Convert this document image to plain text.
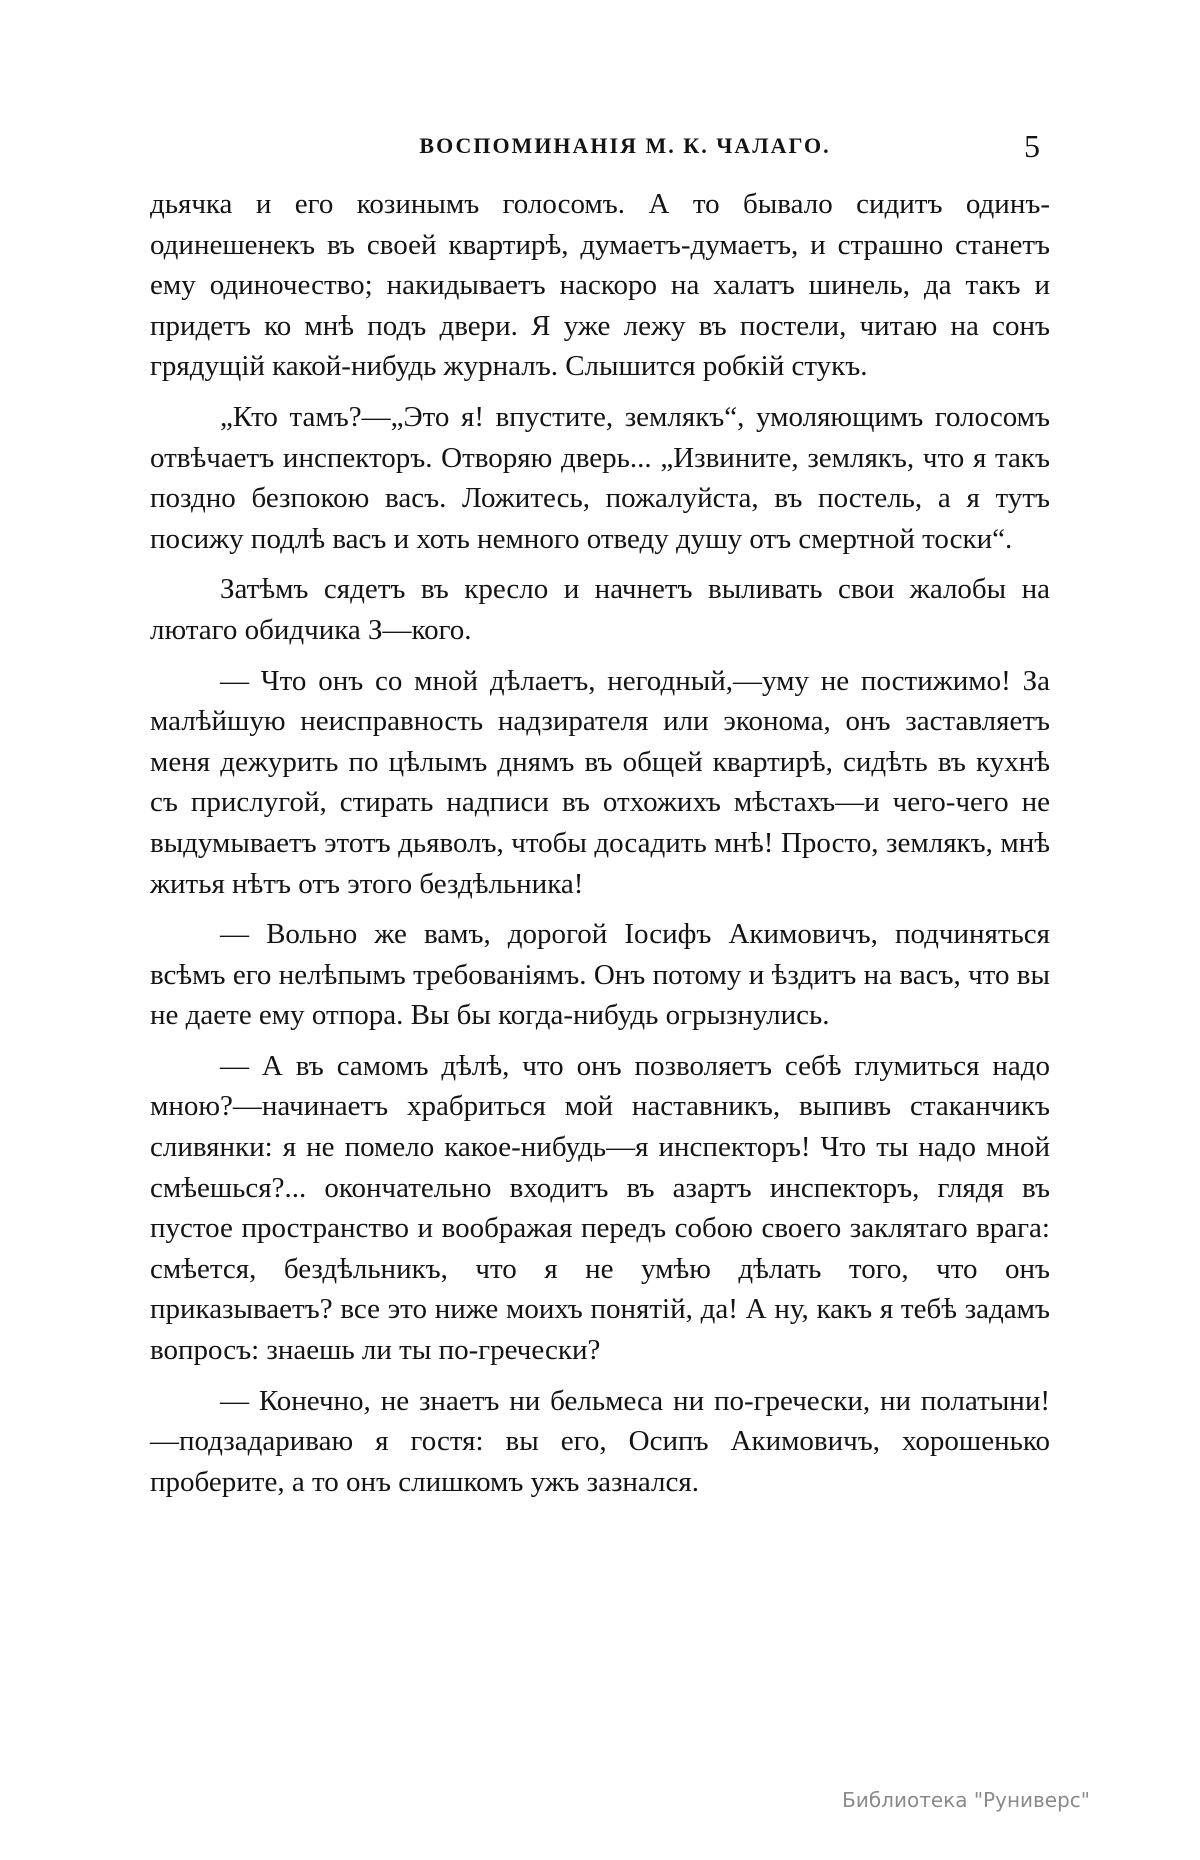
ВОСПОМИНАНІЯ М. К. ЧАЛАГО.	5

дьячка и его козинымъ голосомъ. А то бывало сидитъ одинъ-одинешенекъ въ своей квартирѣ, думаетъ-думаетъ, и страшно станетъ ему одиночество; накидываетъ наскоро на халатъ шинель, да такъ и придетъ ко мнѣ подъ двери. Я уже лежу въ постели, читаю на сонъ грядущій какой-нибудь журналъ. Слышится робкій стукъ.

„Кто тамъ?—„Это я! впустите, землякъ“, умоляющимъ голосомъ отвѣчаетъ инспекторъ. Отворяю дверь... „Извините, землякъ, что я такъ поздно безпокою васъ. Ложитесь, пожалуйста, въ постель, а я тутъ посижу подлѣ васъ и хоть немного отведу душу отъ смертной тоски“.

Затѣмъ сядетъ въ кресло и начнетъ выливать свои жалобы на лютаго обидчика З—кого.

— Что онъ со мной дѣлаетъ, негодный,—уму не постижимо! За малѣйшую неисправность надзирателя или эконома, онъ заставляетъ меня дежурить по цѣлымъ днямъ въ общей квартирѣ, сидѣть въ кухнѣ съ прислугой, стирать надписи въ отхожихъ мѣстахъ—и чего-чего не выдумываетъ этотъ дьяволъ, чтобы досадить мнѣ! Просто, землякъ, мнѣ житья нѣтъ отъ этого бездѣльника!

— Вольно же вамъ, дорогой Іосифъ Акимовичъ, подчиняться всѣмъ его нелѣпымъ требованіямъ. Онъ потому и ѣздитъ на васъ, что вы не даете ему отпора. Вы бы когда-нибудь огрызнулись.

— А въ самомъ дѣлѣ, что онъ позволяетъ себѣ глумиться надо мною?—начинаетъ храбриться мой наставникъ, выпивъ стаканчикъ сливянки: я не помело какое-нибудь—я инспекторъ! Что ты надо мной смѣешься?... окончательно входитъ въ азартъ инспекторъ, глядя въ пустое пространство и воображая передъ собою своего заклятаго врага: смѣется, бездѣльникъ, что я не умѣю дѣлать того, что онъ приказываетъ? все это ниже моихъ понятій, да! А ну, какъ я тебѣ задамъ вопросъ: знаешь ли ты по-гречески?

— Конечно, не знаетъ ни бельмеса ни по-гречески, ни полатыни!—подзадариваю я гостя: вы его, Осипъ Акимовичъ, хорошенько проберите, а то онъ слишкомъ ужъ зазнался.

Библиотека "Руниверс"
